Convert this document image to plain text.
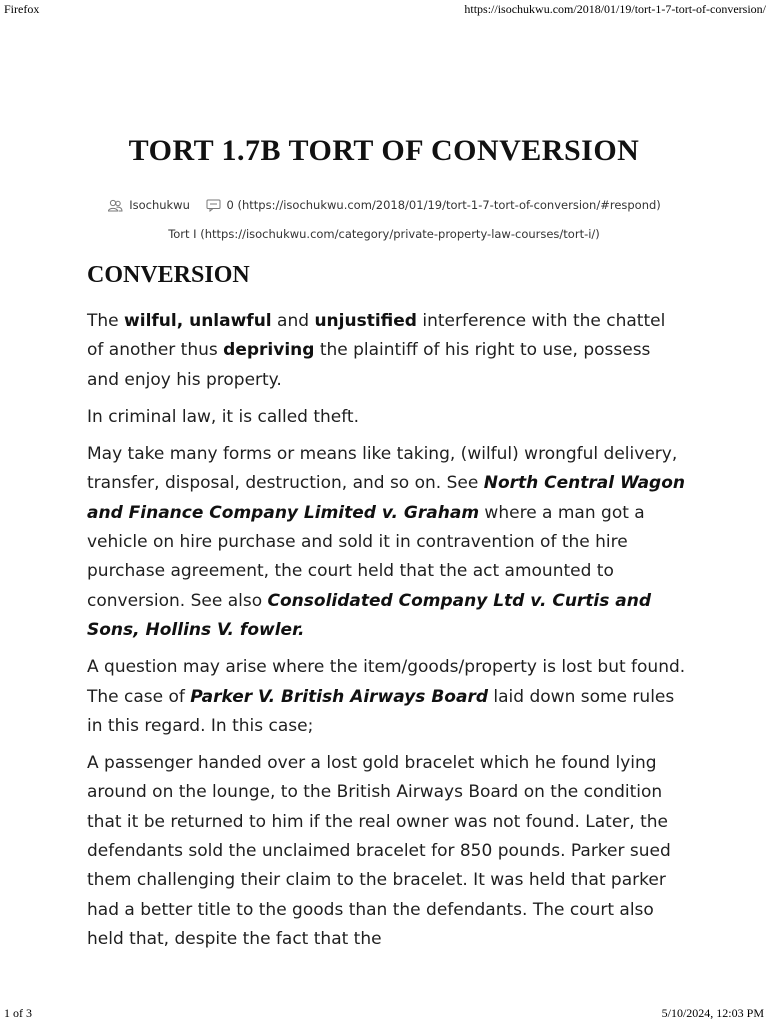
Firefox	https://isochukwu.com/2018/01/19/tort-1-7-tort-of-conversion/
TORT 1.7B TORT OF CONVERSION
Isochukwu
	0 (https://isochukwu.com/2018/01/19/tort-1-7-tort-of-conversion/#respond)
Tort I (https://isochukwu.com/category/private-property-law-courses/tort-i/)
CONVERSION

The wilful, unlawful and unjustified interference with the chattel of another thus depriving the plaintiff of his right to use, possess and enjoy his property.

In criminal law, it is called theft.

May take many forms or means like taking, (wilful) wrongful delivery, transfer, disposal, destruction, and so on. See North Central Wagon and Finance Company Limited v. Graham where a man got a vehicle on hire purchase and sold it in contravention of the hire purchase agreement, the court held that the act amounted to conversion. See also Consolidated Company Ltd v. Curtis and Sons, Hollins V. fowler.

A question may arise where the item/goods/property is lost but found. The case of Parker V. British Airways Board laid down some rules in this regard. In this case;

A passenger handed over a lost gold bracelet which he found lying around on the lounge, to the British Airways Board on the condition that it be returned to him if the real owner was not found. Later, the defendants sold the unclaimed bracelet for 850 pounds. Parker sued them challenging their claim to the bracelet. It was held that parker had a better title to the goods than the defendants. The court also held that, despite the fact that the

1 of 3	5/10/2024, 12:03 PM
